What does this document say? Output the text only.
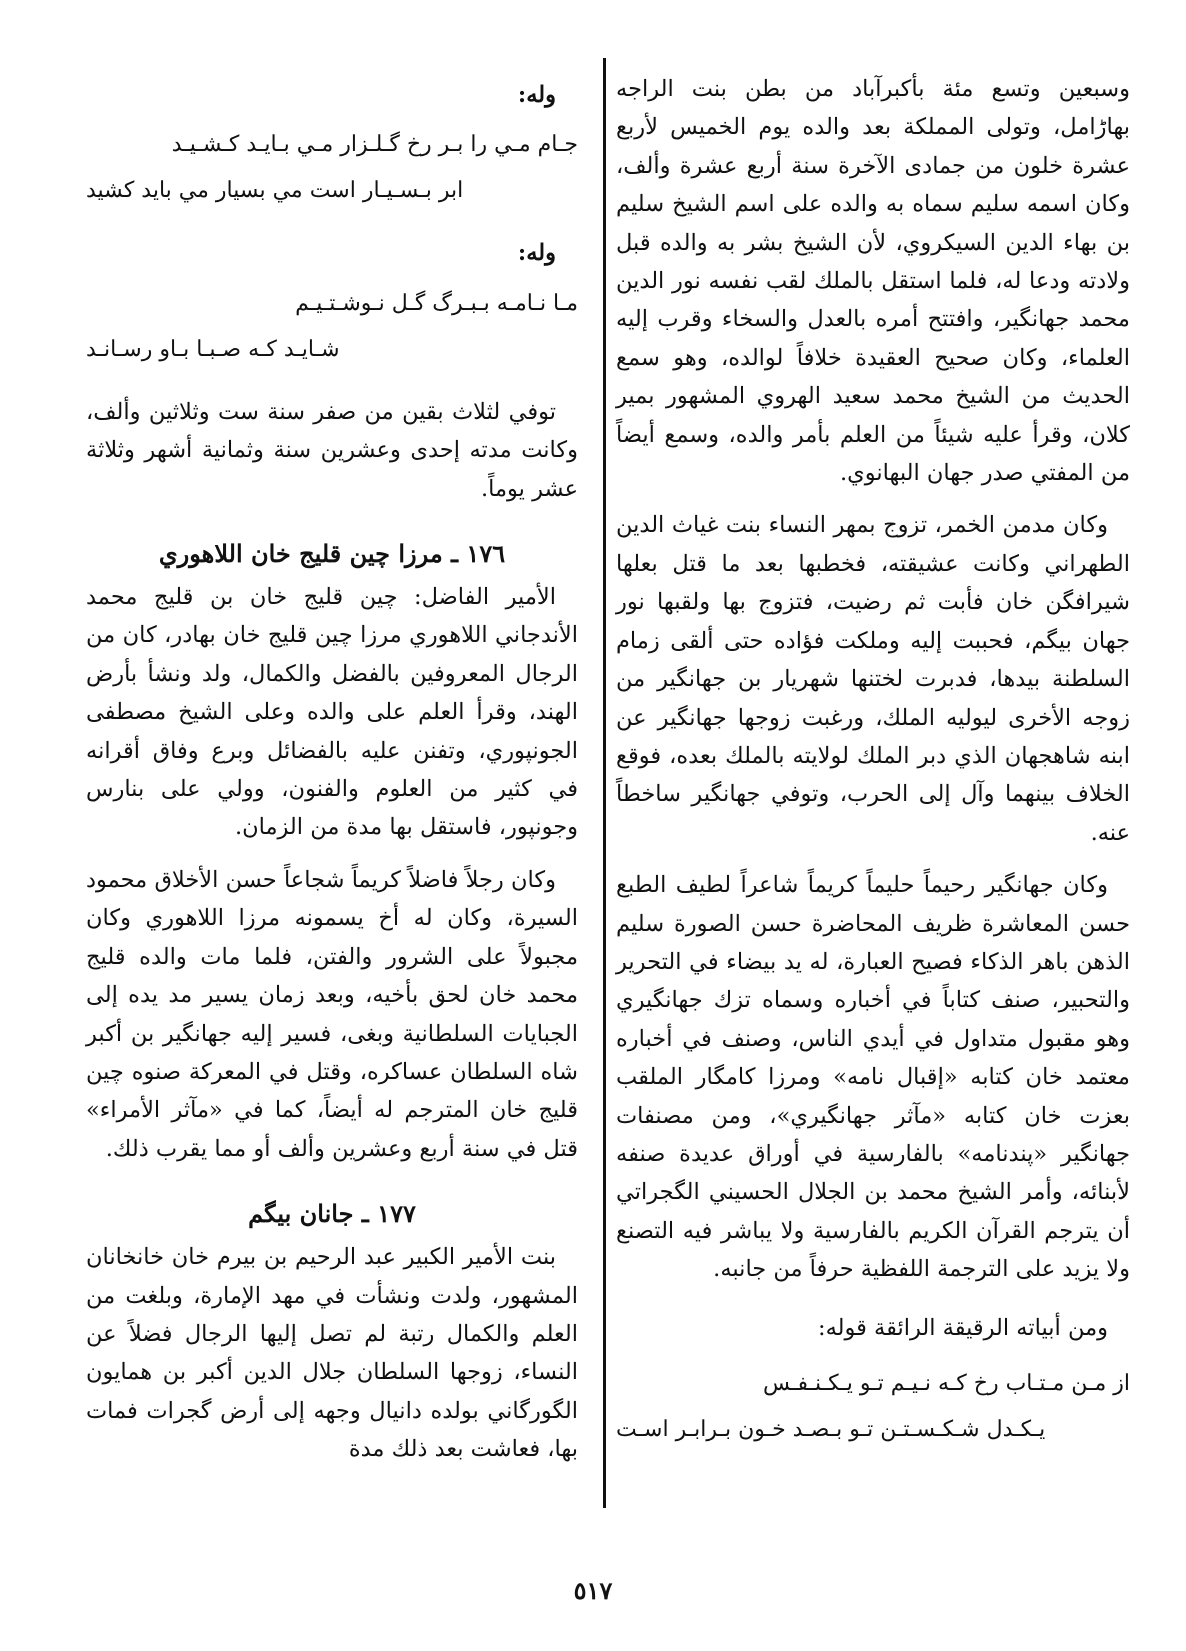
وسبعين وتسع مئة بأكبرآباد من بطن بنت الراجه بهاڑامل، وتولى المملكة بعد والده يوم الخميس لأربع عشرة خلون من جمادى الآخرة سنة أربع عشرة وألف، وكان اسمه سليم سماه به والده على اسم الشيخ سليم بن بهاء الدين السيكروي، لأن الشيخ بشر به والده قبل ولادته ودعا له، فلما استقل بالملك لقب نفسه نور الدين محمد جهانگير، وافتتح أمره بالعدل والسخاء وقرب إليه العلماء، وكان صحيح العقيدة خلافاً لوالده، وهو سمع الحديث من الشيخ محمد سعيد الهروي المشهور بمير كلان، وقرأ عليه شيئاً من العلم بأمر والده، وسمع أيضاً من المفتي صدر جهان البهانوي.

وكان مدمن الخمر، تزوج بمهر النساء بنت غياث الدين الطهراني وكانت عشيقته، فخطبها بعد ما قتل بعلها شيرافگن خان فأبت ثم رضيت، فتزوج بها ولقبها نور جهان بيگم، فحببت إليه وملكت فؤاده حتى ألقى زمام السلطنة بيدها، فدبرت لختنها شهريار بن جهانگير من زوجه الأخرى ليوليه الملك، ورغبت زوجها جهانگير عن ابنه شاهجهان الذي دبر الملك لولايته بالملك بعده، فوقع الخلاف بينهما وآل إلى الحرب، وتوفي جهانگير ساخطاً عنه.

وكان جهانگير رحيماً حليماً كريماً شاعراً لطيف الطبع حسن المعاشرة ظريف المحاضرة حسن الصورة سليم الذهن باهر الذكاء فصيح العبارة، له يد بيضاء في التحرير والتحبير، صنف كتاباً في أخباره وسماه تزك جهانگيري وهو مقبول متداول في أيدي الناس، وصنف في أخباره معتمد خان كتابه «إقبال نامه» ومرزا كامگار الملقب بعزت خان كتابه «مآثر جهانگيري»، ومن مصنفات جهانگير «پندنامه» بالفارسية في أوراق عديدة صنفه لأبنائه، وأمر الشيخ محمد بن الجلال الحسيني الگجراتي أن يترجم القرآن الكريم بالفارسية ولا يباشر فيه التصنع ولا يزيد على الترجمة اللفظية حرفاً من جانبه.

ومن أبياته الرقيقة الرائقة قوله:

از مـن مـتـاب رخ كـه نـيـم تـو يـكـنـفـس
يـكـدل شـكـسـتـن تـو بـصـد خـون بـرابـر اسـت
وله:
جـام مـي را بـر رخ گـلـزار مـي بـايـد كـشـيـد
ابر بـسـيـار است مي بسيار مي بايد كشيد
وله:
مـا نـامـه بـبـرگ گـل نـوشـتـيـم
شـايـد كـه صـبـا بـاو رسـانـد

توفي لثلاث بقين من صفر سنة ست وثلاثين وألف، وكانت مدته إحدى وعشرين سنة وثمانية أشهر وثلاثة عشر يوماً.

١٧٦ ـ مرزا چين قليج خان اللاهوري

الأمير الفاضل: چين قليج خان بن قليج محمد الأندجاني اللاهوري مرزا چين قليج خان بهادر، كان من الرجال المعروفين بالفضل والكمال، ولد ونشأ بأرض الهند، وقرأ العلم على والده وعلى الشيخ مصطفى الجونپوري، وتفنن عليه بالفضائل وبرع وفاق أقرانه في كثير من العلوم والفنون، وولي على بنارس وجونپور، فاستقل بها مدة من الزمان.

وكان رجلاً فاضلاً كريماً شجاعاً حسن الأخلاق محمود السيرة، وكان له أخ يسمونه مرزا اللاهوري وكان مجبولاً على الشرور والفتن، فلما مات والده قليج محمد خان لحق بأخيه، وبعد زمان يسير مد يده إلى الجبايات السلطانية وبغى، فسير إليه جهانگير بن أكبر شاه السلطان عساكره، وقتل في المعركة صنوه چين قليج خان المترجم له أيضاً، كما في «مآثر الأمراء» قتل في سنة أربع وعشرين وألف أو مما يقرب ذلك.

١٧٧ ـ جانان بيگم

بنت الأمير الكبير عبد الرحيم بن بيرم خان خانخانان المشهور، ولدت ونشأت في مهد الإمارة، وبلغت من العلم والكمال رتبة لم تصل إليها الرجال فضلاً عن النساء، زوجها السلطان جلال الدين أكبر بن همايون الگورگاني بولده دانيال وجهه إلى أرض گجرات فمات بها، فعاشت بعد ذلك مدة

٥١٧
